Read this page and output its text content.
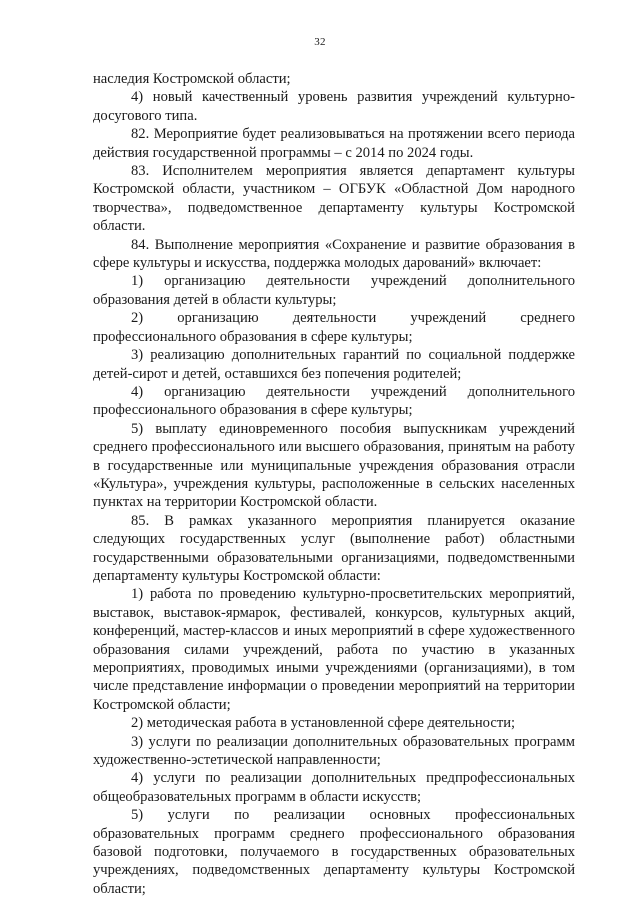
32

наследия Костромской области;

4) новый качественный уровень развития учреждений культурно-досугового типа.

82. Мероприятие будет реализовываться на протяжении всего периода действия государственной программы – с 2014 по 2024 годы.

83. Исполнителем мероприятия является департамент культуры Костромской области, участником – ОГБУК «Областной Дом народного творчества», подведомственное департаменту культуры Костромской области.

84. Выполнение мероприятия «Сохранение и развитие образования в сфере культуры и искусства, поддержка молодых дарований» включает:

1) организацию деятельности учреждений дополнительного образования детей в области культуры;

2) организацию деятельности учреждений среднего профессионального образования в сфере культуры;

3) реализацию дополнительных гарантий по социальной поддержке детей-сирот и детей, оставшихся без попечения родителей;

4) организацию деятельности учреждений дополнительного профессионального образования в сфере культуры;

5) выплату единовременного пособия выпускникам учреждений среднего профессионального или высшего образования, принятым на работу в государственные или муниципальные учреждения образования отрасли «Культура», учреждения культуры, расположенные в сельских населенных пунктах на территории Костромской области.

85. В рамках указанного мероприятия планируется оказание следующих государственных услуг (выполнение работ) областными государственными образовательными организациями, подведомственными департаменту культуры Костромской области:

1) работа по проведению культурно-просветительских мероприятий, выставок, выставок-ярмарок, фестивалей, конкурсов, культурных акций, конференций, мастер-классов и иных мероприятий в сфере художественного образования силами учреждений, работа по участию в указанных мероприятиях, проводимых иными учреждениями (организациями), в том числе представление информации о проведении мероприятий на территории Костромской области;

2) методическая работа в установленной сфере деятельности;

3) услуги по реализации дополнительных образовательных программ художественно-эстетической направленности;

4) услуги по реализации дополнительных предпрофессиональных общеобразовательных программ в области искусств;

5) услуги по реализации основных профессиональных образовательных программ среднего профессионального образования базовой подготовки, получаемого в государственных образовательных учреждениях, подведомственных департаменту культуры Костромской области;
